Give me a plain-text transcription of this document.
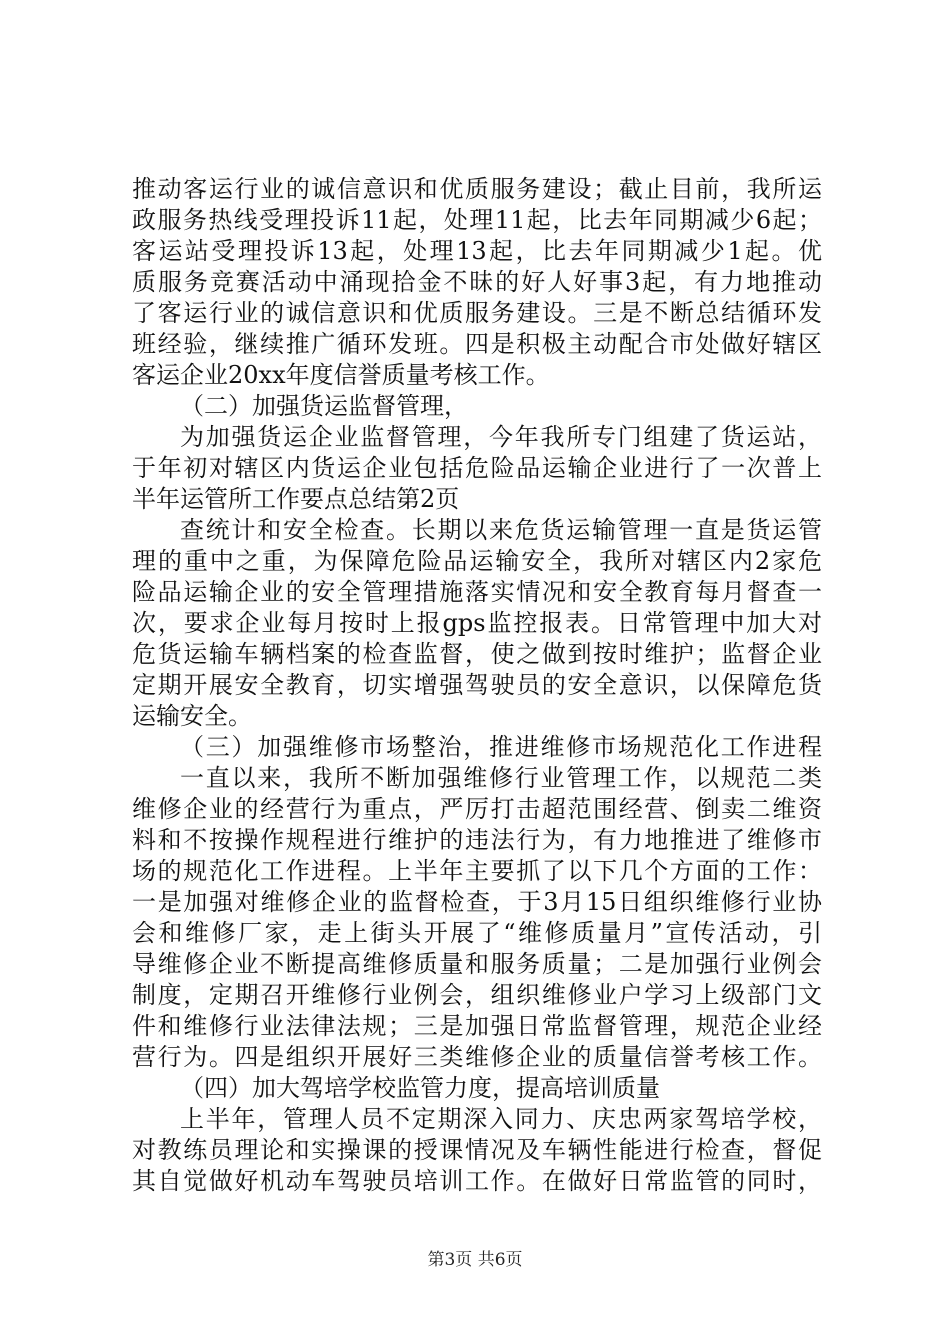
推动客运行业的诚信意识和优质服务建设；截止目前，我所运
政服务热线受理投诉11起，处理11起，比去年同期减少6起；
客运站受理投诉13起，处理13起，比去年同期减少1起。优
质服务竞赛活动中涌现拾金不昧的好人好事3起，有力地推动
了客运行业的诚信意识和优质服务建设。三是不断总结循环发
班经验，继续推广循环发班。四是积极主动配合市处做好辖区
客运企业20xx年度信誉质量考核工作。
（二）加强货运监督管理，
为加强货运企业监督管理，今年我所专门组建了货运站，
于年初对辖区内货运企业包括危险品运输企业进行了一次普上
半年运管所工作要点总结第2页
查统计和安全检查。长期以来危货运输管理一直是货运管
理的重中之重，为保障危险品运输安全，我所对辖区内2家危
险品运输企业的安全管理措施落实情况和安全教育每月督查一
次，要求企业每月按时上报gps监控报表。日常管理中加大对
危货运输车辆档案的检查监督，使之做到按时维护；监督企业
定期开展安全教育，切实增强驾驶员的安全意识，以保障危货
运输安全。
（三）加强维修市场整治，推进维修市场规范化工作进程
一直以来，我所不断加强维修行业管理工作，以规范二类
维修企业的经营行为重点，严厉打击超范围经营、倒卖二维资
料和不按操作规程进行维护的违法行为，有力地推进了维修市
场的规范化工作进程。上半年主要抓了以下几个方面的工作：
一是加强对维修企业的监督检查，于3月15日组织维修行业协
会和维修厂家，走上街头开展了“维修质量月”宣传活动，引
导维修企业不断提高维修质量和服务质量；二是加强行业例会
制度，定期召开维修行业例会，组织维修业户学习上级部门文
件和维修行业法律法规；三是加强日常监督管理，规范企业经
营行为。四是组织开展好三类维修企业的质量信誉考核工作。
（四）加大驾培学校监管力度，提高培训质量
上半年，管理人员不定期深入同力、庆忠两家驾培学校，
对教练员理论和实操课的授课情况及车辆性能进行检查，督促
其自觉做好机动车驾驶员培训工作。在做好日常监管的同时，
第3页 共6页
